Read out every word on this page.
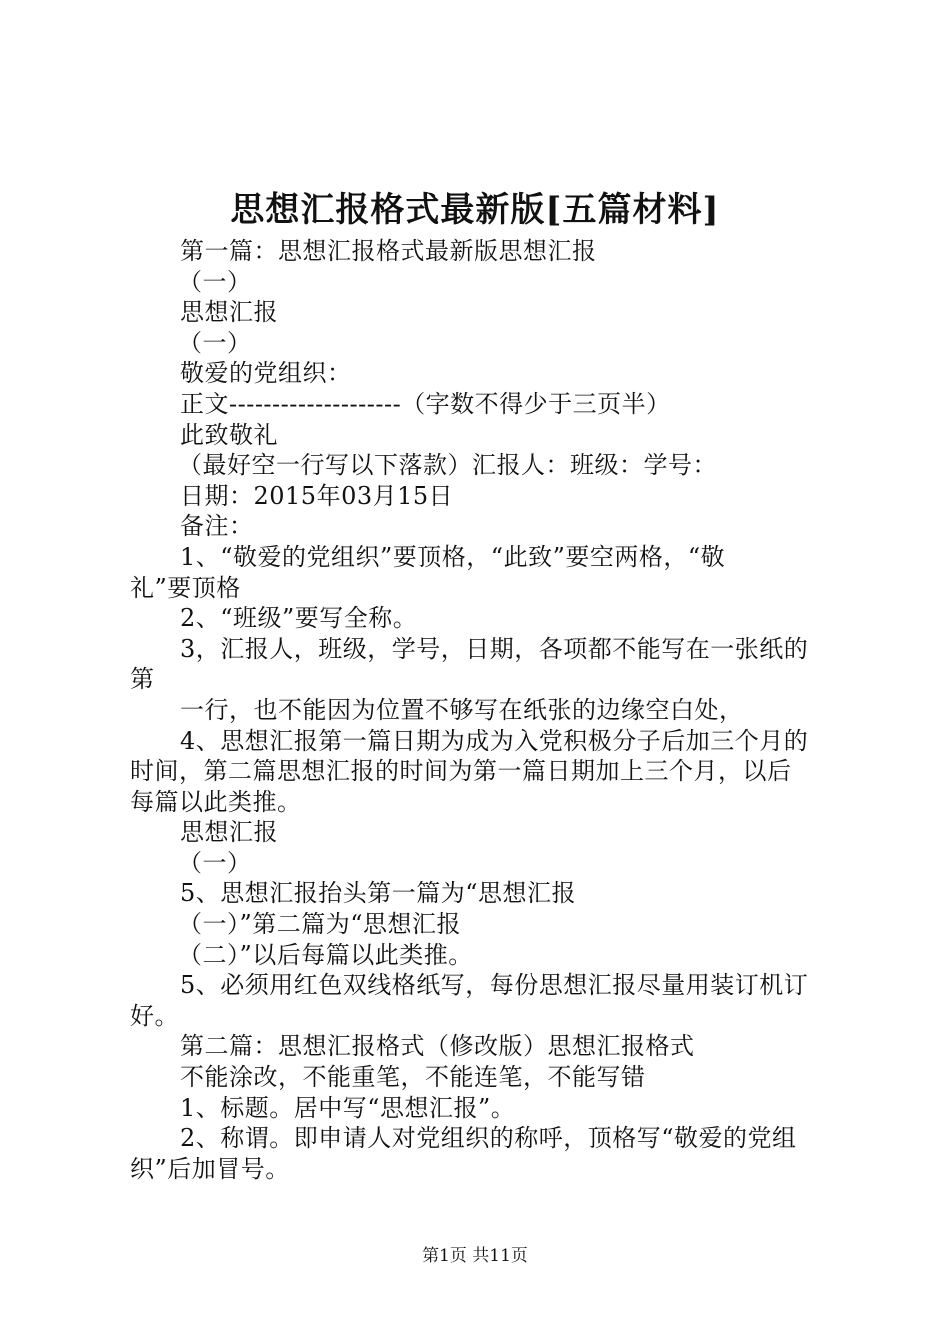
思想汇报格式最新版[五篇材料]
第一篇：思想汇报格式最新版思想汇报
（一）
思想汇报
（一）
敬爱的党组织：
正文--------------------（字数不得少于三页半）
此致敬礼
（最好空一行写以下落款）汇报人：班级：学号：
日期：2015年03月15日
备注：
1、“敬爱的党组织”要顶格，“此致”要空两格，“敬
礼”要顶格
2、“班级”要写全称。
3，汇报人，班级，学号，日期，各项都不能写在一张纸的
第
一行，也不能因为位置不够写在纸张的边缘空白处，
4、思想汇报第一篇日期为成为入党积极分子后加三个月的
时间，第二篇思想汇报的时间为第一篇日期加上三个月，以后
每篇以此类推。
思想汇报
（一）
5、思想汇报抬头第一篇为“思想汇报
（一）”第二篇为“思想汇报
（二）”以后每篇以此类推。
5、必须用红色双线格纸写，每份思想汇报尽量用装订机订
好。
第二篇：思想汇报格式（修改版）思想汇报格式
不能涂改，不能重笔，不能连笔，不能写错
1、标题。居中写“思想汇报”。
2、称谓。即申请人对党组织的称呼，顶格写“敬爱的党组
织”后加冒号。
第1页 共11页
